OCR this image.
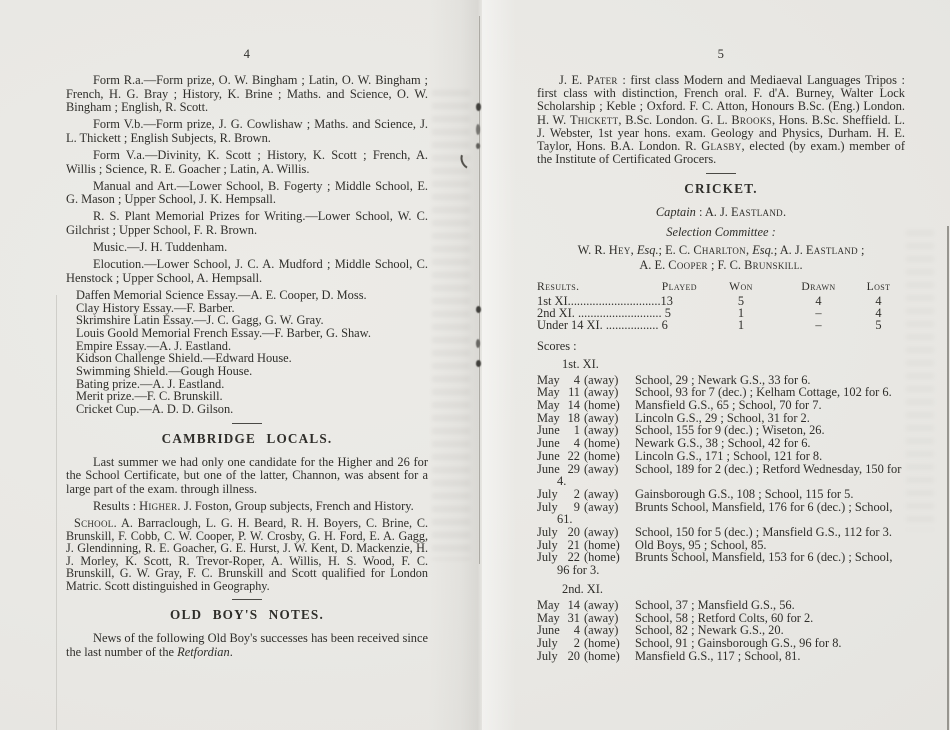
4

Form R.a.—Form prize, O. W. Bingham ; Latin, O. W. Bingham ; French, H. G. Bray ; History, K. Brine ; Maths. and Science, O. W. Bingham ; English, R. Scott.

Form V.b.—Form prize, J. G. Cowlishaw ; Maths. and Science, J. L. Thickett ; English Subjects, R. Brown.

Form V.a.—Divinity, K. Scott ; History, K. Scott ; French, A. Willis ; Science, R. E. Goacher ; Latin, A. Willis.

Manual and Art.—Lower School, B. Fogerty ; Middle School, E. G. Mason ; Upper School, J. K. Hempsall.

R. S. Plant Memorial Prizes for Writing.—Lower School, W. C. Gilchrist ; Upper School, F. R. Brown.

Music.—J. H. Tuddenham.

Elocution.—Lower School, J. C. A. Mudford ; Middle School, C. Henstock ; Upper School, A. Hempsall.

Daffen Memorial Science Essay.—A. E. Cooper, D. Moss.
Clay History Essay.—F. Barber.
Skrimshire Latin Essay.—J. C. Gagg, G. W. Gray.
Louis Goold Memorial French Essay.—F. Barber, G. Shaw.
Empire Essay.—A. J. Eastland.
Kidson Challenge Shield.—Edward House.
Swimming Shield.—Gough House.
Bating prize.—A. J. Eastland.
Merit prize.—F. C. Brunskill.
Cricket Cup.—A. D. D. Gilson.
CAMBRIDGE LOCALS.

Last summer we had only one candidate for the Higher and 26 for the School Certificate, but one of the latter, Channon, was absent for a large part of the exam. through illness.

Results : Higher. J. Foston, Group subjects, French and History.

School. A. Barraclough, L. G. H. Beard, R. H. Boyers, C. Brine, C. Brunskill, F. Cobb, C. W. Cooper, P. W. Crosby, G. H. Ford, E. A. Gagg, J. Glendinning, R. E. Goacher, G. E. Hurst, J. W. Kent, D. Mackenzie, H. J. Morley, K. Scott, R. Trevor-Roper, A. Willis, H. S. Wood, F. C. Brunskill, G. W. Gray, F. C. Brunskill and Scott qualified for London Matric. Scott distinguished in Geography.

OLD BOY'S NOTES.

News of the following Old Boy's successes has been received since the last number of the Retfordian.

5

J. E. Pater : first class Modern and Mediaeval Languages Tripos : first class with distinction, French oral. F. d'A. Burney, Walter Lock Scholarship ; Keble ; Oxford. F. C. Atton, Honours B.Sc. (Eng.) London. H. W. Thickett, B.Sc. London. G. L. Brooks, Hons. B.Sc. Sheffield. L. J. Webster, 1st year hons. exam. Geology and Physics, Durham. H. E. Taylor, Hons. B.A. London. R. Glasby, elected (by exam.) member of the Institute of Certificated Grocers.

CRICKET.
Captain : A. J. Eastland.
Selection Committee :
W. R. Hey, Esq.; E. C. Charlton, Esq.; A. J. Eastland ;
A. E. Cooper ; F. C. Brunskill.
Results.	Played	Won	Drawn	Lost
1st XI..............................13	5	4	4
2nd XI. ........................... 5	1	–	4
Under 14 XI. ................. 6	1	–	5
Scores :
1st. XI.
May 4 (away) School, 29 ; Newark G.S., 33 for 6.
May 11 (away) School, 93 for 7 (dec.) ; Kelham Cottage, 102 for 6.
May 14 (home) Mansfield G.S., 65 ; School, 70 for 7.
May 18 (away) Lincoln G.S., 29 ; School, 31 for 2.
June 1 (away) School, 155 for 9 (dec.) ; Wiseton, 26.
June 4 (home) Newark G.S., 38 ; School, 42 for 6.
June 22 (home) Lincoln G.S., 171 ; School, 121 for 8.
June 29 (away) School, 189 for 2 (dec.) ; Retford Wednesday, 150 for 4.
July 2 (away) Gainsborough G.S., 108 ; School, 115 for 5.
July 9 (away) Brunts School, Mansfield, 176 for 6 (dec.) ; School, 61.
July 20 (away) School, 150 for 5 (dec.) ; Mansfield G.S., 112 for 3.
July 21 (home) Old Boys, 95 ; School, 85.
July 22 (home) Brunts School, Mansfield, 153 for 6 (dec.) ; School, 96 for 3.
2nd. XI.
May 14 (away) School, 37 ; Mansfield G.S., 56.
May 31 (away) School, 58 ; Retford Colts, 60 for 2.
June 4 (away) School, 82 ; Newark G.S., 20.
July 2 (home) School, 91 ; Gainsborough G.S., 96 for 8.
July 20 (home) Mansfield G.S., 117 ; School, 81.
